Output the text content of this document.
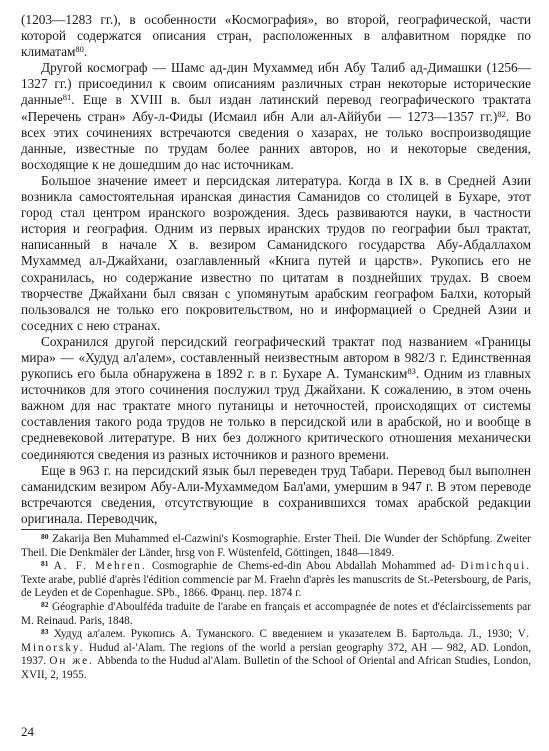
(1203—1283 гг.), в особенности «Космография», во второй, географической, части которой содержатся описания стран, расположенных в алфавитном порядке по климатам$^{80}$.

Другой космограф — Шамс ад-дин Мухаммед ибн Абу Талиб ад-Димашки (1256—1327 гг.) присоединил к своим описаниям различных стран некоторые исторические данные$^{81}$. Еще в XVIII в. был издан латинский перевод географического трактата «Перечень стран» Абу-л-Фиды (Исмаил ибн Али ал-Аййуби — 1273—1357 гг.)$^{82}$. Во всех этих сочинениях встречаются сведения о хазарах, не только воспроизводящие данные, известные по трудам более ранних авторов, но и некоторые сведения, восходящие к не дошедшим до нас источникам.

Большое значение имеет и персидская литература. Когда в IX в. в Средней Азии возникла самостоятельная иранская династия Саманидов со столицей в Бухаре, этот город стал центром иранского возрождения. Здесь развиваются науки, в частности история и география. Одним из первых иранских трудов по географии был трактат, написанный в начале X в. везиром Саманидского государства Абу-Абдаллахом Мухаммед ал-Джайхани, озаглавленный «Книга путей и царств». Рукопись его не сохранилась, но содержание известно по цитатам в позднейших трудах. В своем творчестве Джайхани был связан с упомянутым арабским географом Балхи, который пользовался не только его покровительством, но и информацией о Средней Азии и соседних с нею странах.

Сохранился другой персидский географический трактат под названием «Границы мира» — «Худуд ал'алем», составленный неизвестным автором в 982/3 г. Единственная рукопись его была обнаружена в 1892 г. в г. Бухаре А. Туманским$^{83}$. Одним из главных источников для этого сочинения послужил труд Джайхани. К сожалению, в этом очень важном для нас трактате много путаницы и неточностей, происходящих от системы составления такого рода трудов не только в персидской или в арабской, но и вообще в средневековой литературе. В них без должного критического отношения механически соединяются сведения из разных источников и разного времени.

Еще в 963 г. на персидский язык был переведен труд Табари. Перевод был выполнен саманидским везиром Абу-Али-Мухаммедом Бал'ами, умершим в 947 г. В этом переводе встречаются сведения, отсутствующие в сохранившихся томах арабской редакции оригинала. Переводчик,

$^{80}$ Zakarija Ben Muhammed el-Cazwini's Kosmographie. Erster Theil. Die Wunder der Schöpfung. Zweiter Theil. Die Denkmäler der Länder, hrsg von F. Wüstenfeld, Göttingen, 1848—1849.

$^{81}$ A. F. Mehren. Cosmographie de Chems-ed-din Abou Abdallah Mohammed ad- Dimichqui. Texte arabe, publié d'après l'édition commencie par M. Fraehn d'après les manuscrits de St.-Petersbourg, de Paris, de Leyden et de Copenhague. SPb., 1866. Франц. пер. 1874 г.

$^{82}$ Géographie d'Aboulféda traduite de l'arabe en français et accompagnée de notes et d'éclaircissements par M. Reinaud. Paris, 1848.

$^{83}$ Худуд ал'алем. Рукопись А. Туманского. С введением и указателем В. Бартольда. Л., 1930; V. Minorsky. Hudud al-'Alam. The regions of the world a persian geography 372, AH — 982, AD. London, 1937. Он же. Abbenda to the Hudud al'Alam. Bulletin of the School of Oriental and African Studies, London, XVII, 2, 1955.

24
